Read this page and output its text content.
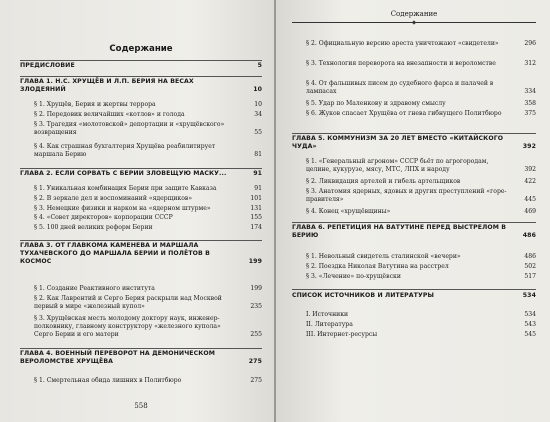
Содержание
ПРЕДИСЛОВИЕ	5
ГЛАВА 1. Н.С. ХРУЩЁВ И Л.П. БЕРИЯ НА ВЕСАХ ЗЛОДЕЯНИЙ	10
§ 1. Хрущёв, Берия и жертвы террора	10
§ 2. Передовик величайших «котлов» и голода	34
§ 3. Трагедия «молотовской» депортации и «хрущёвского» возвращения	55
§ 4. Как страшная бухгалтерия Хрущёва реабилитирует маршала Берию	81
ГЛАВА 2. ЕСЛИ СОРВАТЬ С БЕРИИ ЗЛОВЕЩУЮ МАСКУ...	91
§ 1. Уникальная комбинация Берии при защите Кавказа	91
§ 2. В зеркале дел и воспоминаний «ядерщиков»	101
§ 3. Немецкие физики и нарком на «ядерном штурме»	131
§ 4. «Совет директоров» корпорации СССР	155
§ 5. 100 дней великих реформ Берии	174
ГЛАВА 3. ОТ ГЛАВКОМА КАМЕНЕВА И МАРШАЛА ТУХАЧЕВСКОГО ДО МАРШАЛА БЕРИИ И ПОЛЁТОВ В КОСМОС	199
§ 1. Создание Реактивного института	199
§ 2. Как Лаврентий и Серго Берия раскрыли над Москвой первый в мире «железный купол»	235
§ 3. Хрущёвская месть молодому доктору наук, инженер-полковнику, главному конструктору «железного купола» Серго Берии и его матери	255
ГЛАВА 4. ВОЕННЫЙ ПЕРЕВОРОТ НА ДЕМОНИЧЕСКОМ ВЕРОЛОМСТВЕ ХРУЩЁВА	275
§ 1. Смертельная обида лишних в Политбюро	275
558
Содержание
§ 2. Официальную версию ареста уничтожают «свидетели»	296
§ 3. Технология переворота на внезапности и вероломстве	312
§ 4. От фальшивых писем до судебного фарса и палачей в лампасах	334
§ 5. Удар по Маленкову и здравому смыслу	358
§ 6. Жуков спасает Хрущёва от гнева гибнущего Политбюро	375
ГЛАВА 5. КОММУНИЗМ ЗА 20 ЛЕТ ВМЕСТО «КИТАЙСКОГО ЧУДА»	392
§ 1. «Генеральный агроном» СССР бьёт по агрогородам, целине, кукурузе, мясу, МТС, ЛПХ и народу	392
§ 2. Ликвидация артелей и гибель артельщиков	422
§ 3. Анатомия ядерных, ядовых и других преступлений «горе-правителя»	445
§ 4. Конец «хрущёвщины»	469
ГЛАВА 6. РЕПЕТИЦИЯ НА ВАТУТИНЕ ПЕРЕД ВЫСТРЕЛОМ В БЕРИЮ	486
§ 1. Невольный свидетель сталинской «вечери»	486
§ 2. Поездка Николая Ватутина на расстрел	502
§ 3. «Лечение» по-хрущёвски	517
СПИСОК ИСТОЧНИКОВ И ЛИТЕРАТУРЫ	534
I. Источники	534
II. Литература	543
III. Интернет-ресурсы	545
